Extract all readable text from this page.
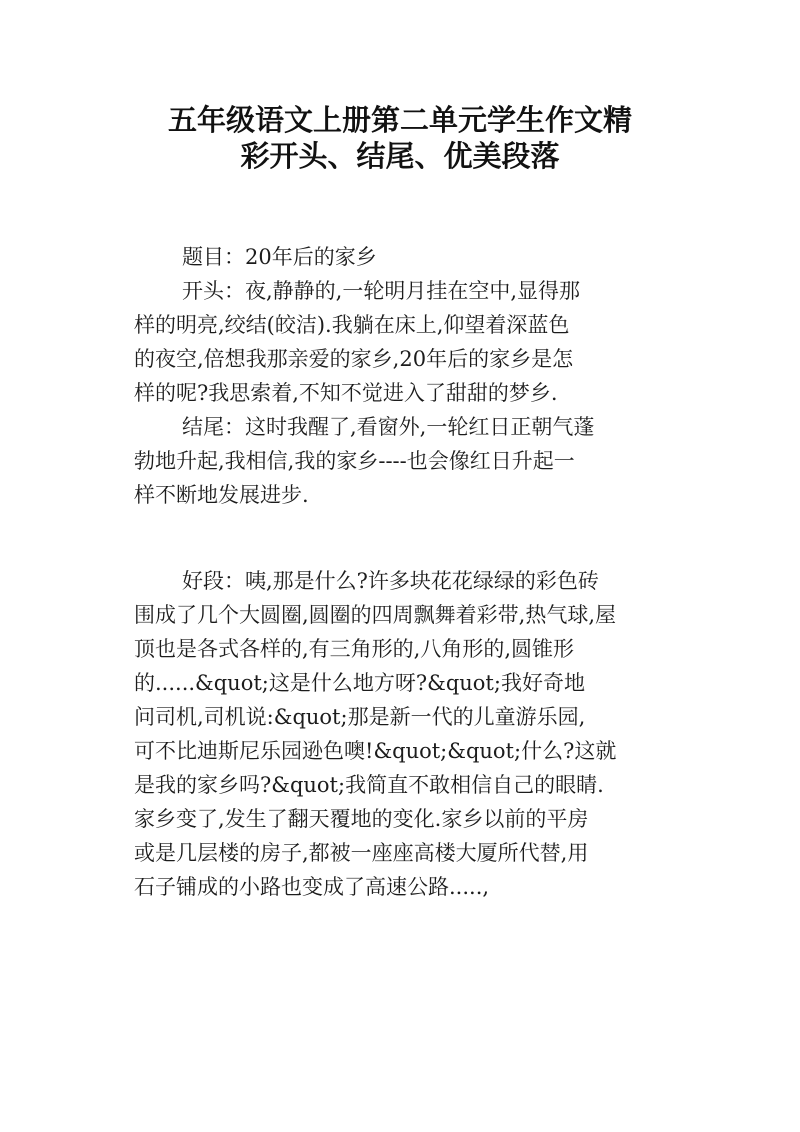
五年级语文上册第二单元学生作文精
彩开头、结尾、优美段落
题目：20年后的家乡
开头：夜,静静的,一轮明月挂在空中,显得那
样的明亮,绞结(皎洁).我躺在床上,仰望着深蓝色
的夜空,倍想我那亲爱的家乡,20年后的家乡是怎
样的呢?我思索着,不知不觉进入了甜甜的梦乡.
结尾：这时我醒了,看窗外,一轮红日正朝气蓬
勃地升起,我相信,我的家乡----也会像红日升起一
样不断地发展进步.
好段：咦,那是什么?许多块花花绿绿的彩色砖
围成了几个大圆圈,圆圈的四周飘舞着彩带,热气球,屋
顶也是各式各样的,有三角形的,八角形的,圆锥形
的......&quot;这是什么地方呀?&quot;我好奇地
问司机,司机说:&quot;那是新一代的儿童游乐园,
可不比迪斯尼乐园逊色噢!&quot;&quot;什么?这就
是我的家乡吗?&quot;我简直不敢相信自己的眼睛.
家乡变了,发生了翻天覆地的变化.家乡以前的平房
或是几层楼的房子,都被一座座高楼大厦所代替,用
石子铺成的小路也变成了高速公路.....,
